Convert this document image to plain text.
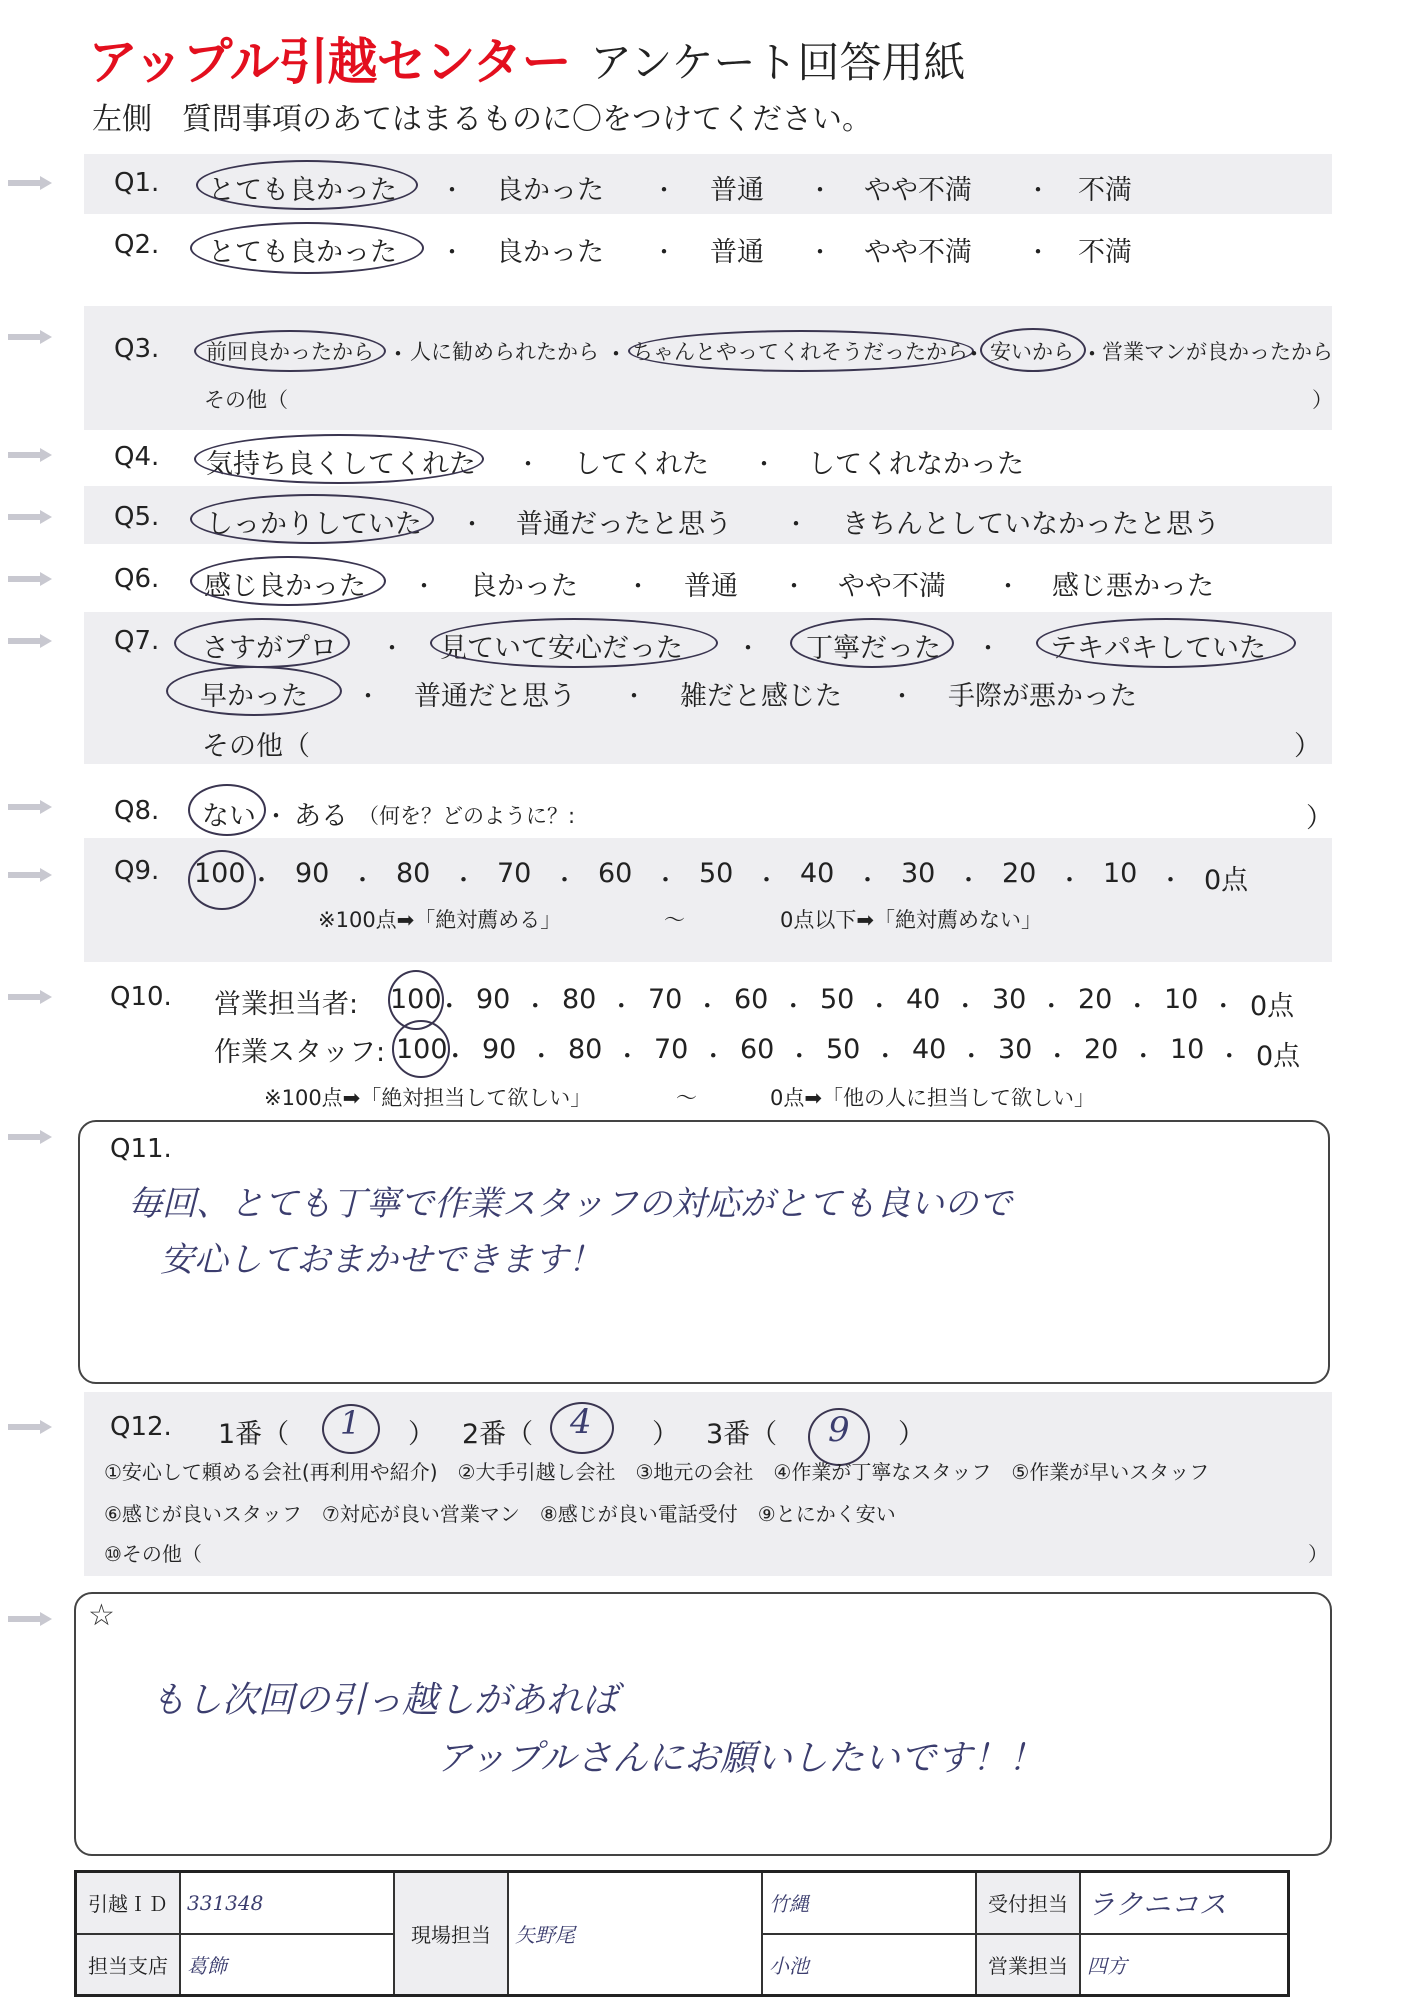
アップル引越センター アンケート回答用紙
左側　質問事項のあてはまるものに〇をつけてください。
Q1. とても良かった ・ 良かった ・ 普通 ・ やや不満 ・ 不満
Q2. とても良かった ・ 良かった ・ 普通 ・ やや不満 ・ 不満
Q3. 前回良かったから ・ 人に勧められたから ・ ちゃんとやってくれそうだったから
・ 安いから ・
営業マンが良かったから
その他（	）
Q4. 気持ち良くしてくれた ・ してくれた ・ してくれなかった
Q5. しっかりしていた ・ 普通だったと思う ・ きちんとしていなかったと思う
Q6. 感じ良かった ・ 良かった ・ 普通 ・ やや不満 ・ 感じ悪かった
Q7. さすがプロ ・ 見ていて安心だった ・ 丁寧だった ・ テキパキしていた
早かった ・ 普通だと思う ・ 雑だと感じた ・ 手際が悪かった
その他（	）
Q8. ない ・ ある （何を？どのように？:	）
Q9. 100 ・ 90 ・ 80 ・ 70 ・ 60 ・ 50 ・ 40 ・ 30 ・ 20 ・ 10 ・ 0点
※100点➡「絶対薦める」	〜	0点以下➡「絶対薦めない」
Q10. 営業担当者: 100
・ 90 ・ 80 ・ 70 ・ 60 ・ 50 ・ 40 ・ 30 ・ 20 ・ 10 ・ 0点
作業スタッフ: 100
・ 90 ・ 80 ・ 70 ・ 60 ・ 50 ・ 40 ・ 30 ・ 20 ・ 10 ・ 0点
※100点➡「絶対担当して欲しい」	〜	0点➡「他の人に担当して欲しい」
Q11.
毎回、とても丁寧で作業スタッフの対応がとても良いので
安心しておまかせできます！
Q12. 1番（ 1 ） 2番（ 4 ） 3番（ 9 ）
①安心して頼める会社(再利用や紹介)　②大手引越し会社　③地元の会社　④作業が丁寧なスタッフ　⑤作業が早いスタッフ
⑥感じが良いスタッフ　⑦対応が良い営業マン　⑧感じが良い電話受付　⑨とにかく安い
⑩その他（	）
☆
もし次回の引っ越しがあれば
アップルさんにお願いしたいです！！
引越ＩＤ	331348	現場担当	矢野尾	竹縄	受付担当	ラクニコス
担当支店	葛飾			小池	営業担当	四方
